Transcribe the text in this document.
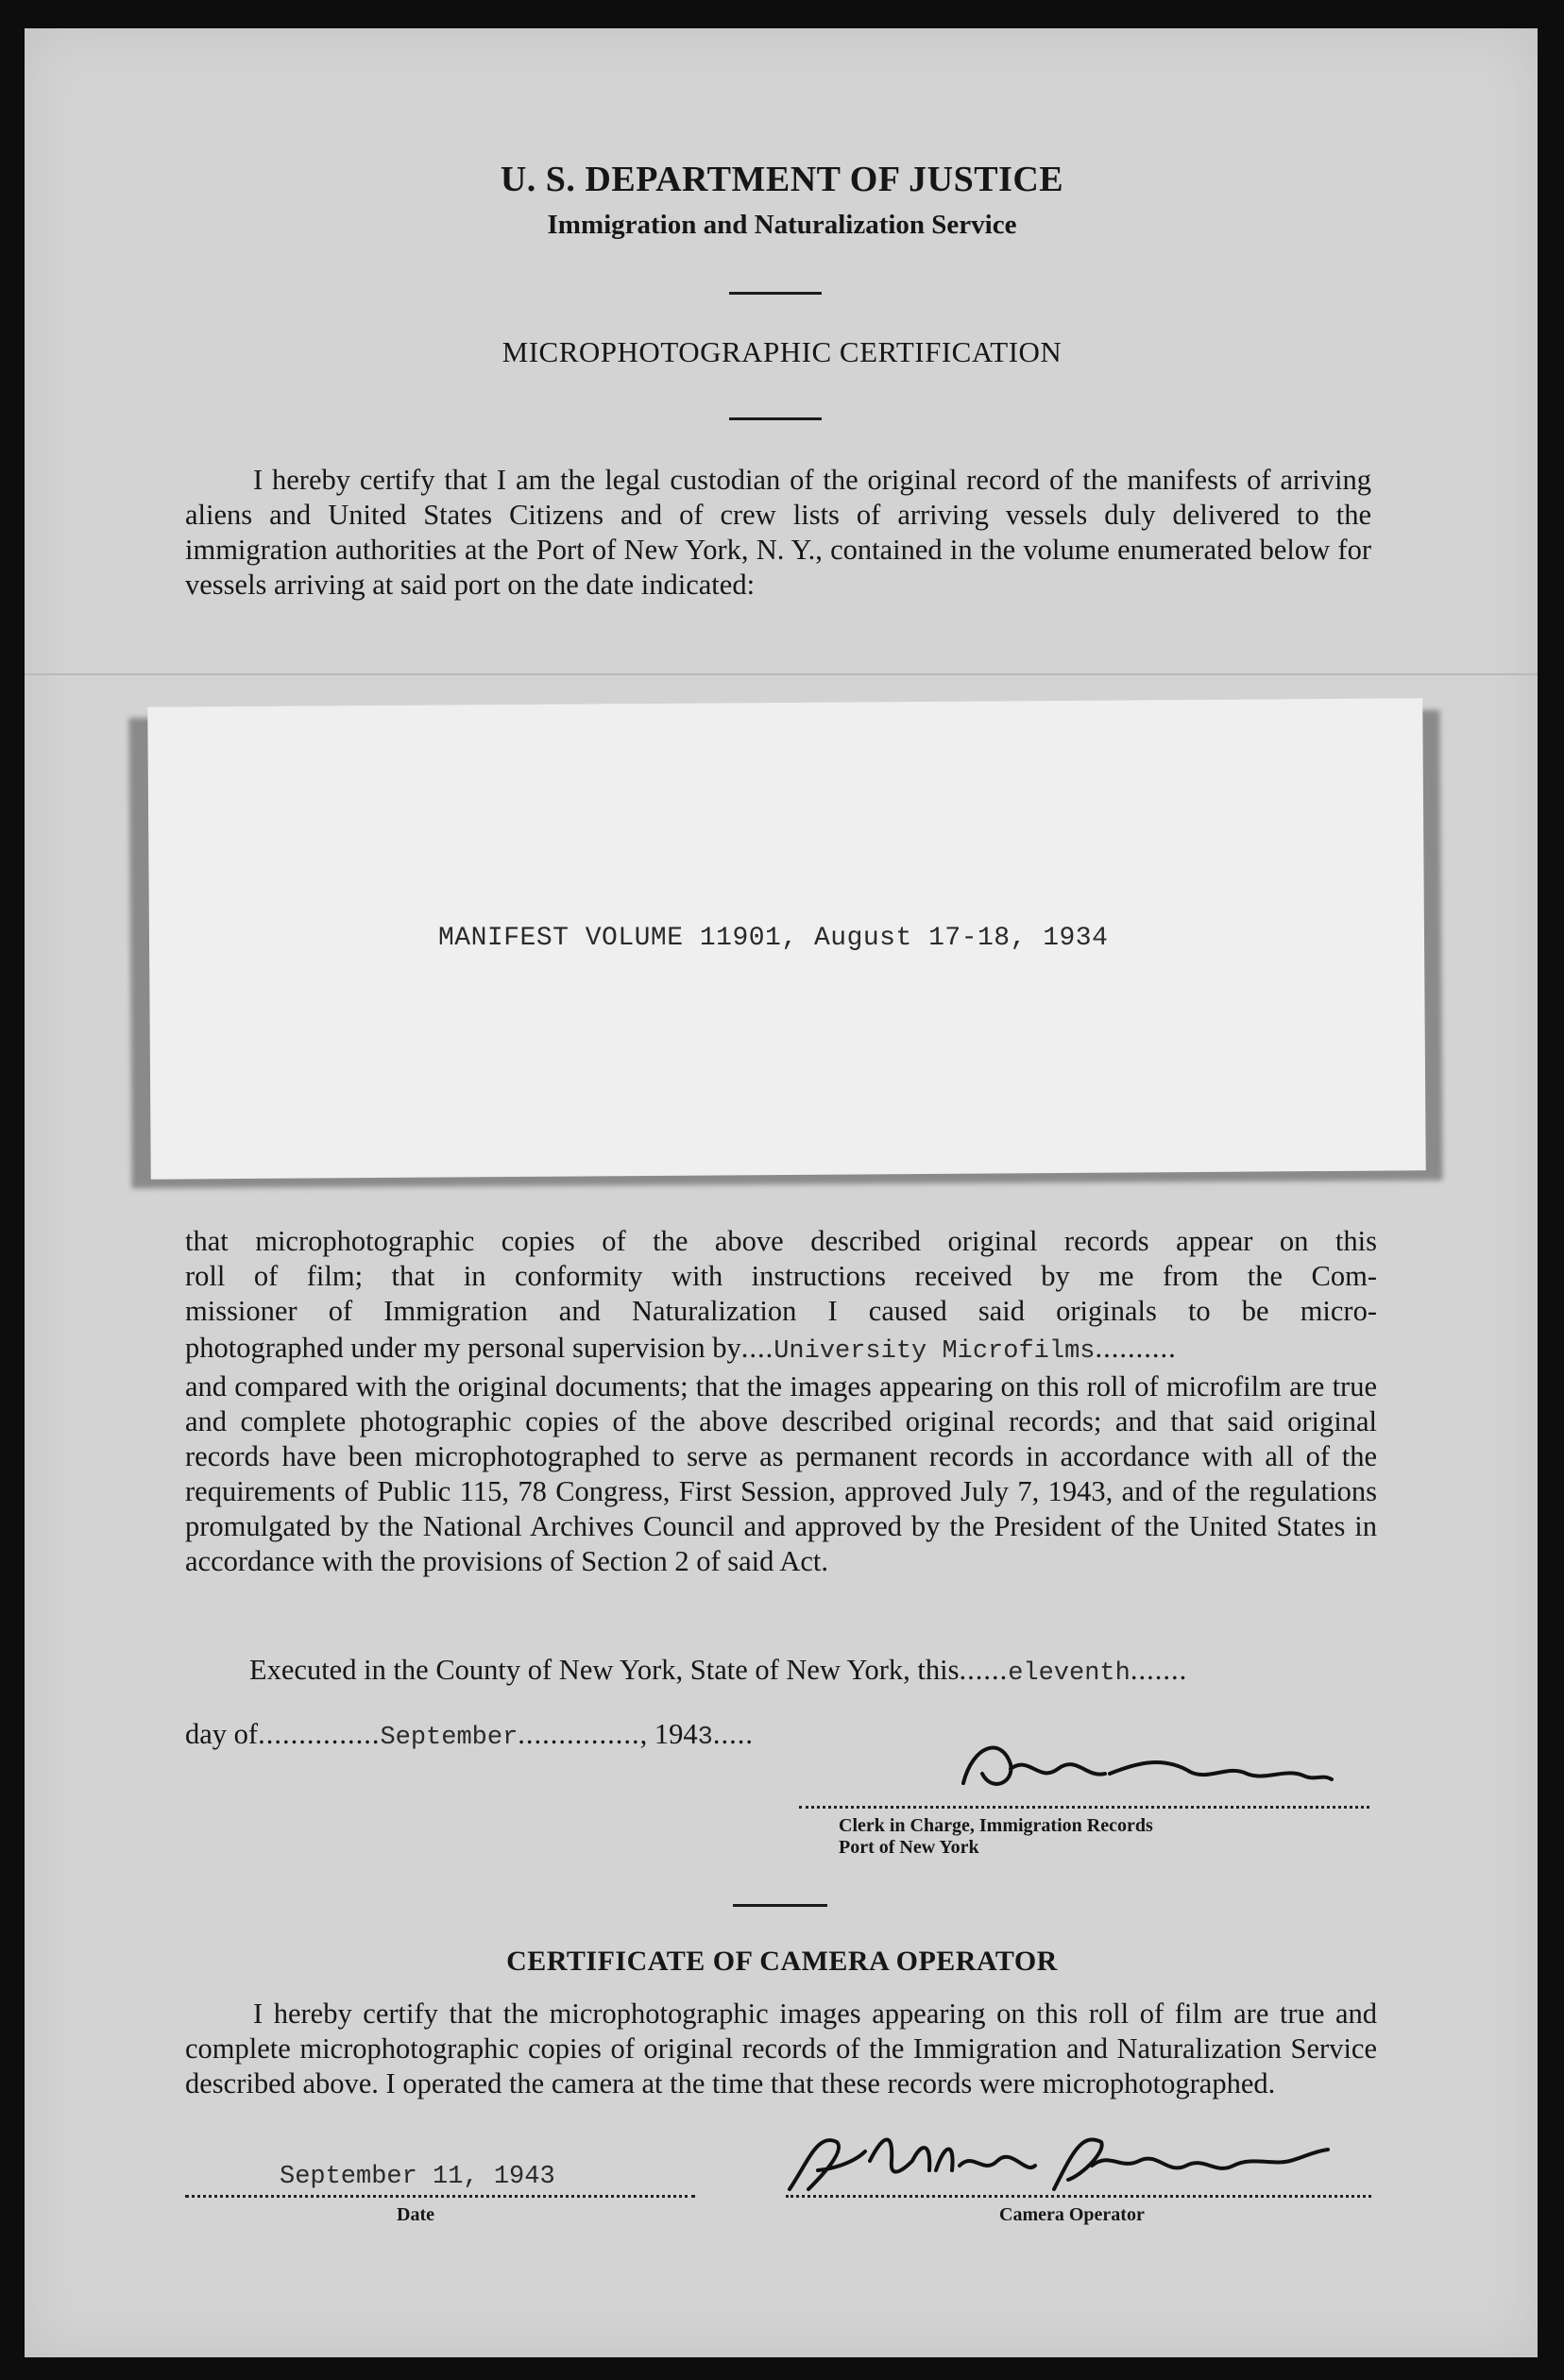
U. S. DEPARTMENT OF JUSTICE
Immigration and Naturalization Service
MICROPHOTOGRAPHIC CERTIFICATION
I hereby certify that I am the legal custodian of the original record of the manifests of arriving aliens and United States Citizens and of crew lists of arriving vessels duly delivered to the immigration authorities at the Port of New York, N. Y., contained in the volume enumerated below for vessels arriving at said port on the date indicated:
MANIFEST VOLUME 11901, August 17-18, 1934
that microphotographic copies of the above described original records appear on this
roll of film; that in conformity with instructions received by me from the Com-
missioner of Immigration and Naturalization I caused said originals to be micro-
photographed under my personal supervision by....University Microfilms..........
and compared with the original documents; that the images appearing on this roll of microfilm are true and complete photographic copies of the above described original records; and that said original records have been microphotographed to serve as permanent records in accordance with all of the requirements of Public 115, 78 Congress, First Session, approved July 7, 1943, and of the regulations promulgated by the National Archives Council and approved by the President of the United States in accordance with the provisions of Section 2 of said Act.
Executed in the County of New York, State of New York, this......eleventh.......
day of...............September..............., 1943.....
Clerk in Charge, Immigration Records
Port of New York
CERTIFICATE OF CAMERA OPERATOR
I hereby certify that the microphotographic images appearing on this roll of film are true and complete microphotographic copies of original records of the Immigration and Naturalization Service described above. I operated the camera at the time that these records were microphotographed.
September 11, 1943
Date	Camera Operator
